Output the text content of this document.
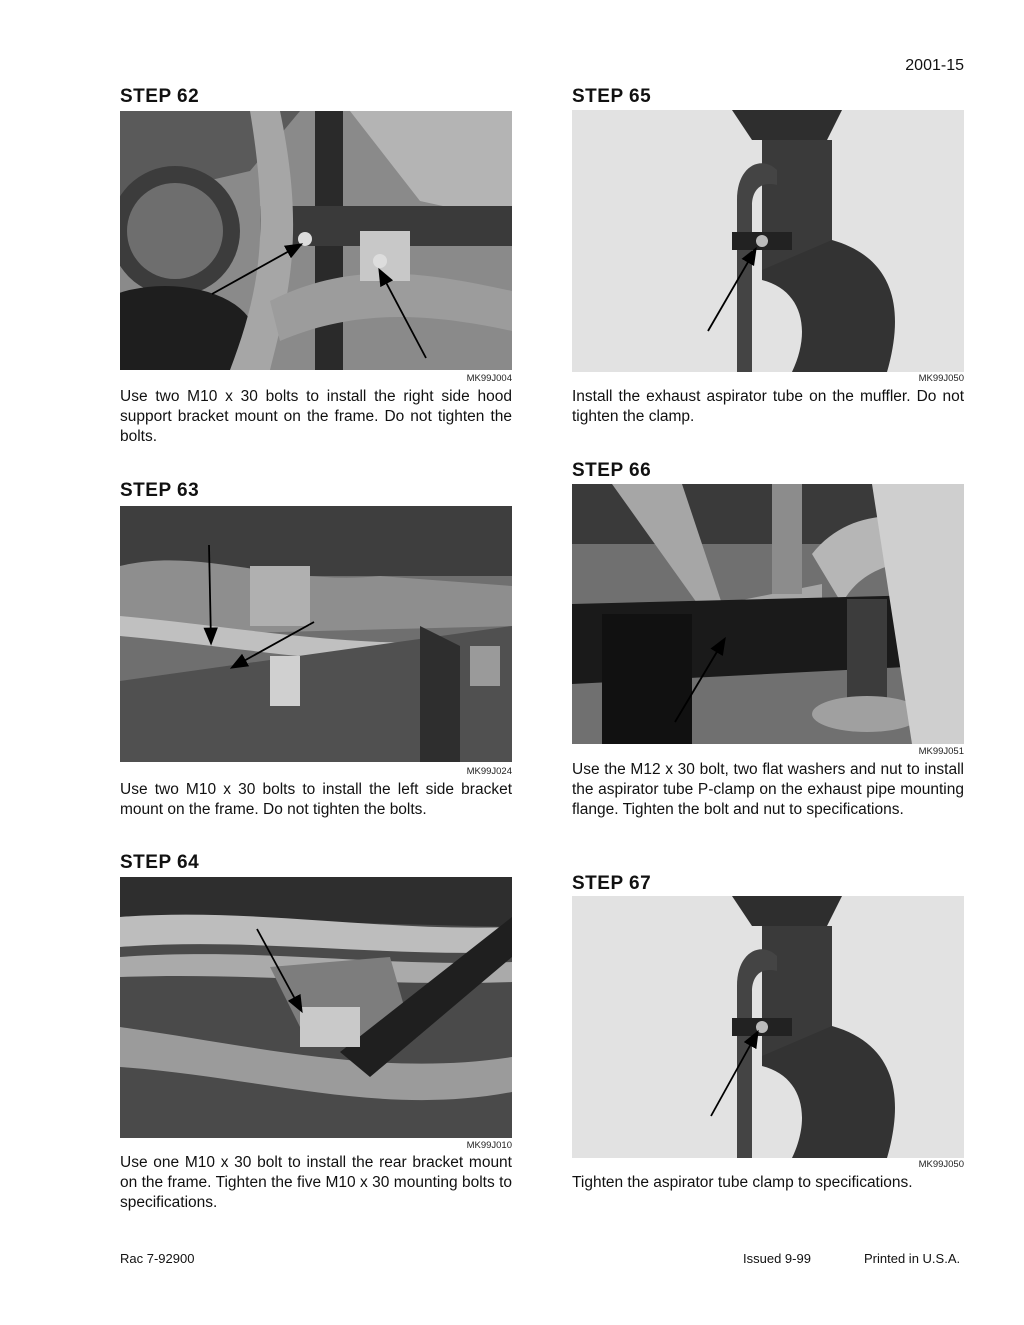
2001-15
STEP 62
MK99J004
Use two M10 x 30 bolts to install the right side hood support bracket mount on the frame. Do not tighten the bolts.
STEP 63
MK99J024
Use two M10 x 30 bolts to install the left side bracket mount on the frame. Do not tighten the bolts.
STEP 64
MK99J010
Use one M10 x 30 bolt to install the rear bracket mount on the frame. Tighten the five M10 x 30 mounting bolts to specifications.
STEP 65
MK99J050
Install the exhaust aspirator tube on the muffler. Do not tighten the clamp.
STEP 66
MK99J051
Use the M12 x 30 bolt, two flat washers and nut to install the aspirator tube P-clamp on the exhaust pipe mounting flange. Tighten the bolt and nut to specifications.
STEP 67
MK99J050
Tighten the aspirator tube clamp to specifications.
Rac 7-92900	Issued 9-99	Printed in U.S.A.
